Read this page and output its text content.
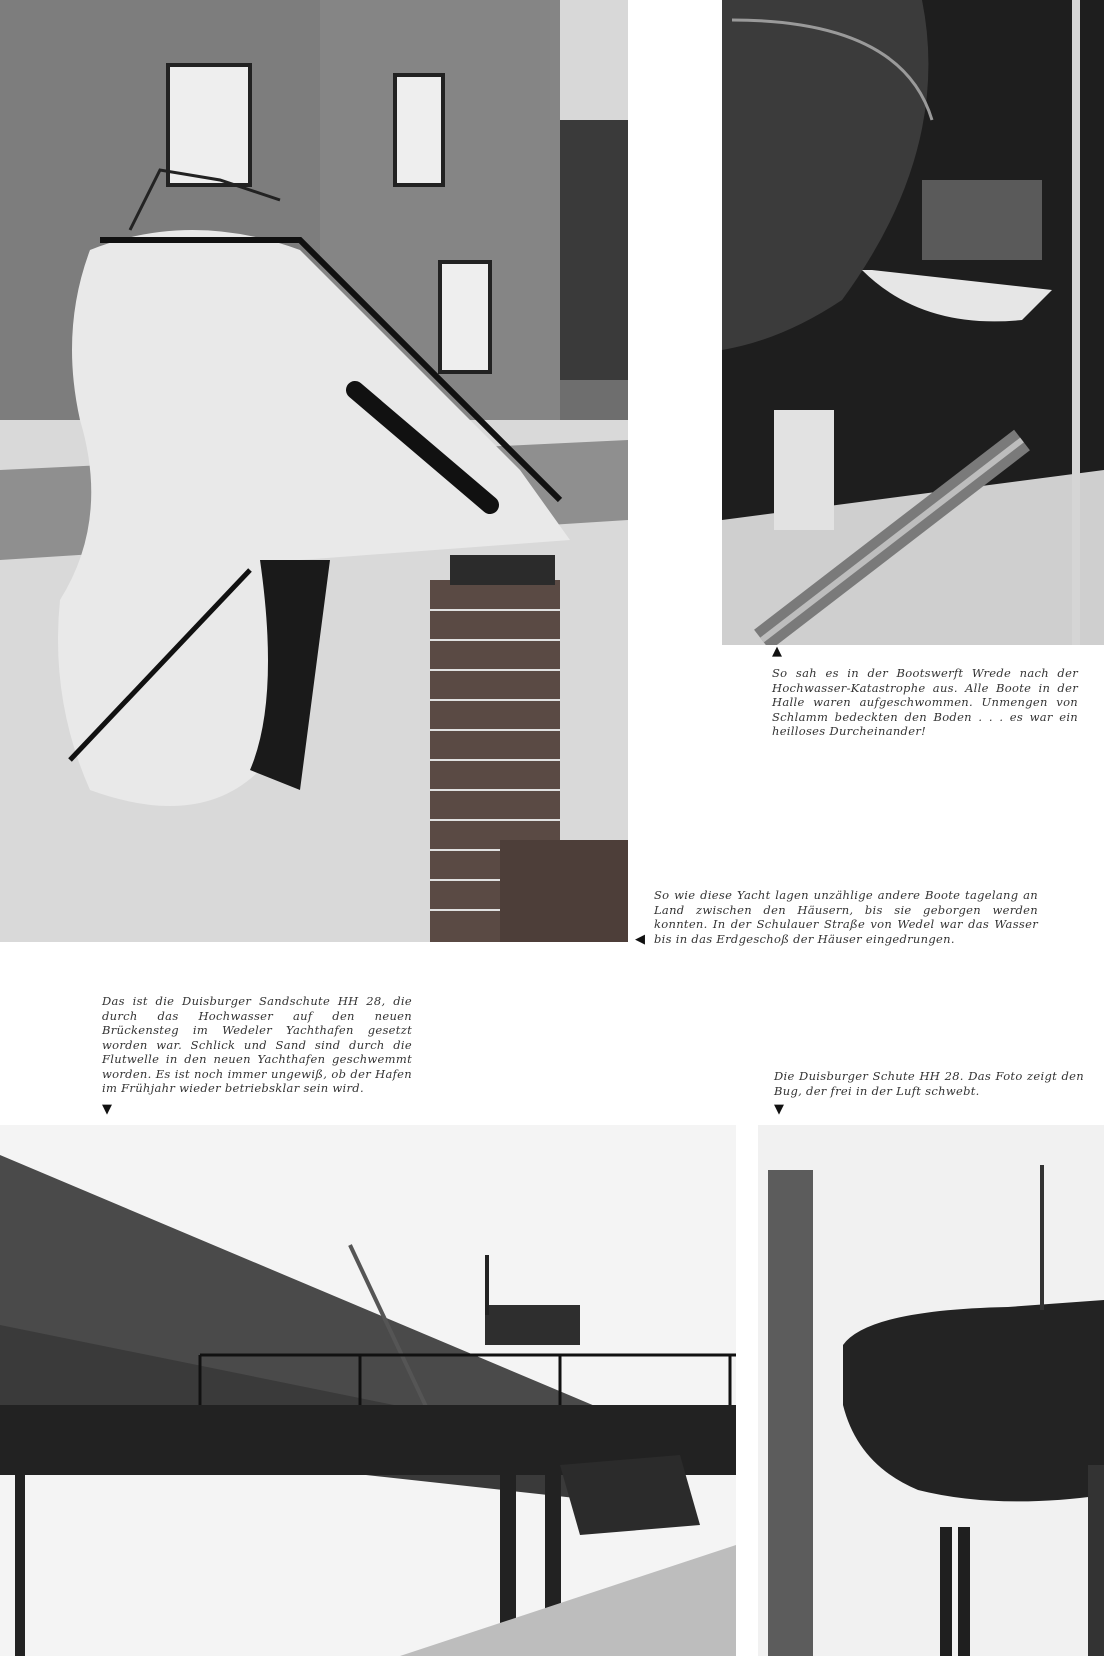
▲
So sah es in der Bootswerft Wrede nach der Hochwasser-Katastrophe aus. Alle Boote in der Halle waren aufgeschwommen. Unmengen von Schlamm bedeckten den Boden . . . es war ein heilloses Durcheinander!
So wie diese Yacht lagen unzählige andere Boote tagelang an Land zwischen den Häusern, bis sie geborgen werden konnten. In der Schulauer Straße von Wedel war das Wasser bis in das Erdgeschoß der Häuser eingedrungen.
◀
Das ist die Duisburger Sandschute HH 28, die durch das Hochwasser auf den neuen Brückensteg im Wedeler Yachthafen gesetzt worden war. Schlick und Sand sind durch die Flutwelle in den neuen Yachthafen geschwemmt worden. Es ist noch immer ungewiß, ob der Hafen im Frühjahr wieder betriebsklar sein wird.
▼
Die Duisburger Schute HH 28. Das Foto zeigt den Bug, der frei in der Luft schwebt.
▼
